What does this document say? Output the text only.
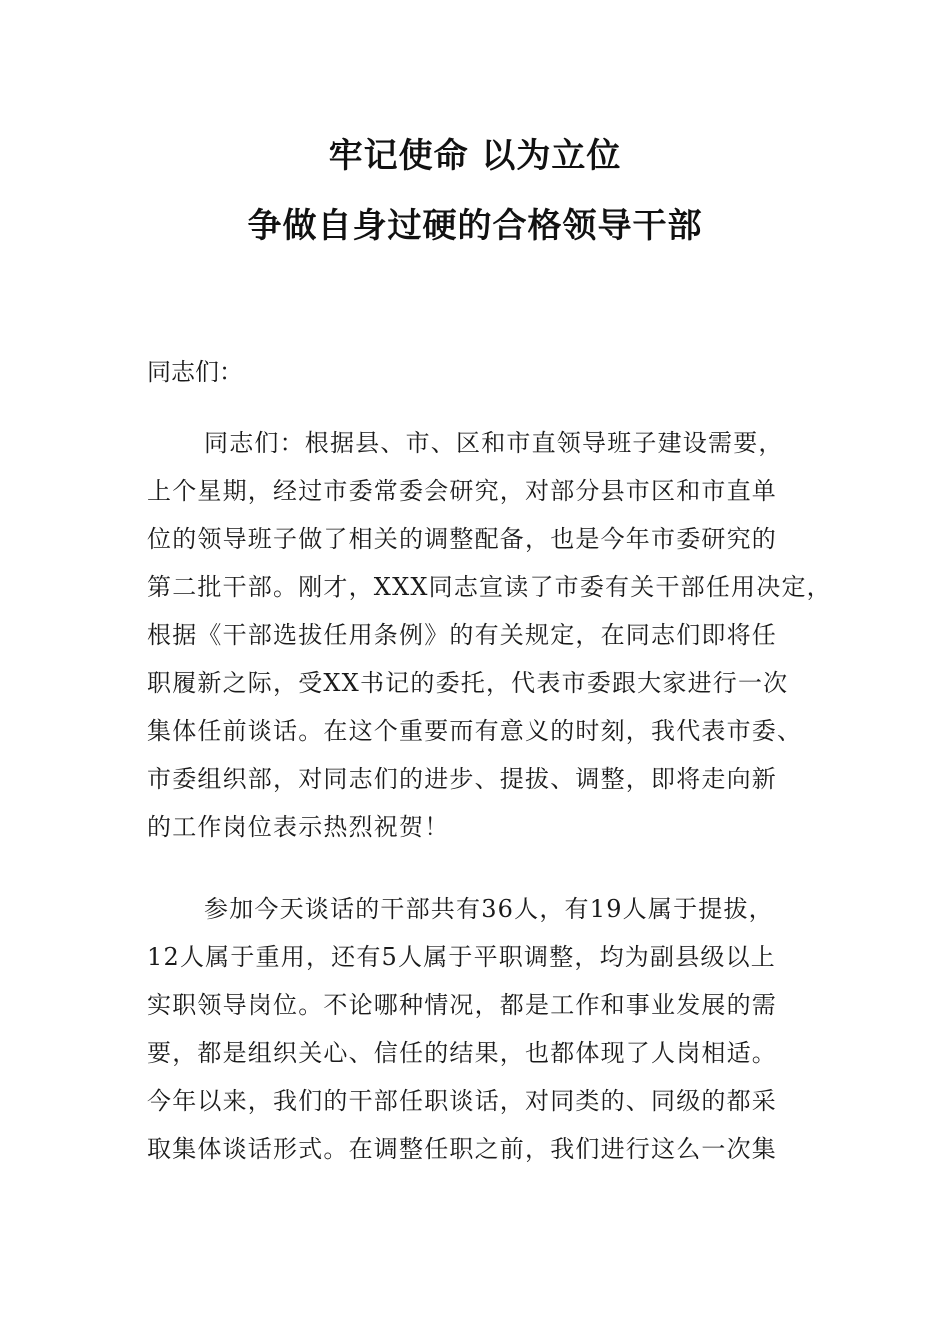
牢记使命 以为立位
争做自身过硬的合格领导干部
同志们：
同志们：根据县、市、区和市直领导班子建设需要，
上个星期，经过市委常委会研究，对部分县市区和市直单
位的领导班子做了相关的调整配备，也是今年市委研究的
第二批干部。刚才，XXX同志宣读了市委有关干部任用决定，
根据《干部选拔任用条例》的有关规定，在同志们即将任
职履新之际，受XX书记的委托，代表市委跟大家进行一次
集体任前谈话。在这个重要而有意义的时刻，我代表市委、
市委组织部，对同志们的进步、提拔、调整，即将走向新
的工作岗位表示热烈祝贺！
参加今天谈话的干部共有36人，有19人属于提拔，
12人属于重用，还有5人属于平职调整，均为副县级以上
实职领导岗位。不论哪种情况，都是工作和事业发展的需
要，都是组织关心、信任的结果，也都体现了人岗相适。
今年以来，我们的干部任职谈话，对同类的、同级的都采
取集体谈话形式。在调整任职之前，我们进行这么一次集
